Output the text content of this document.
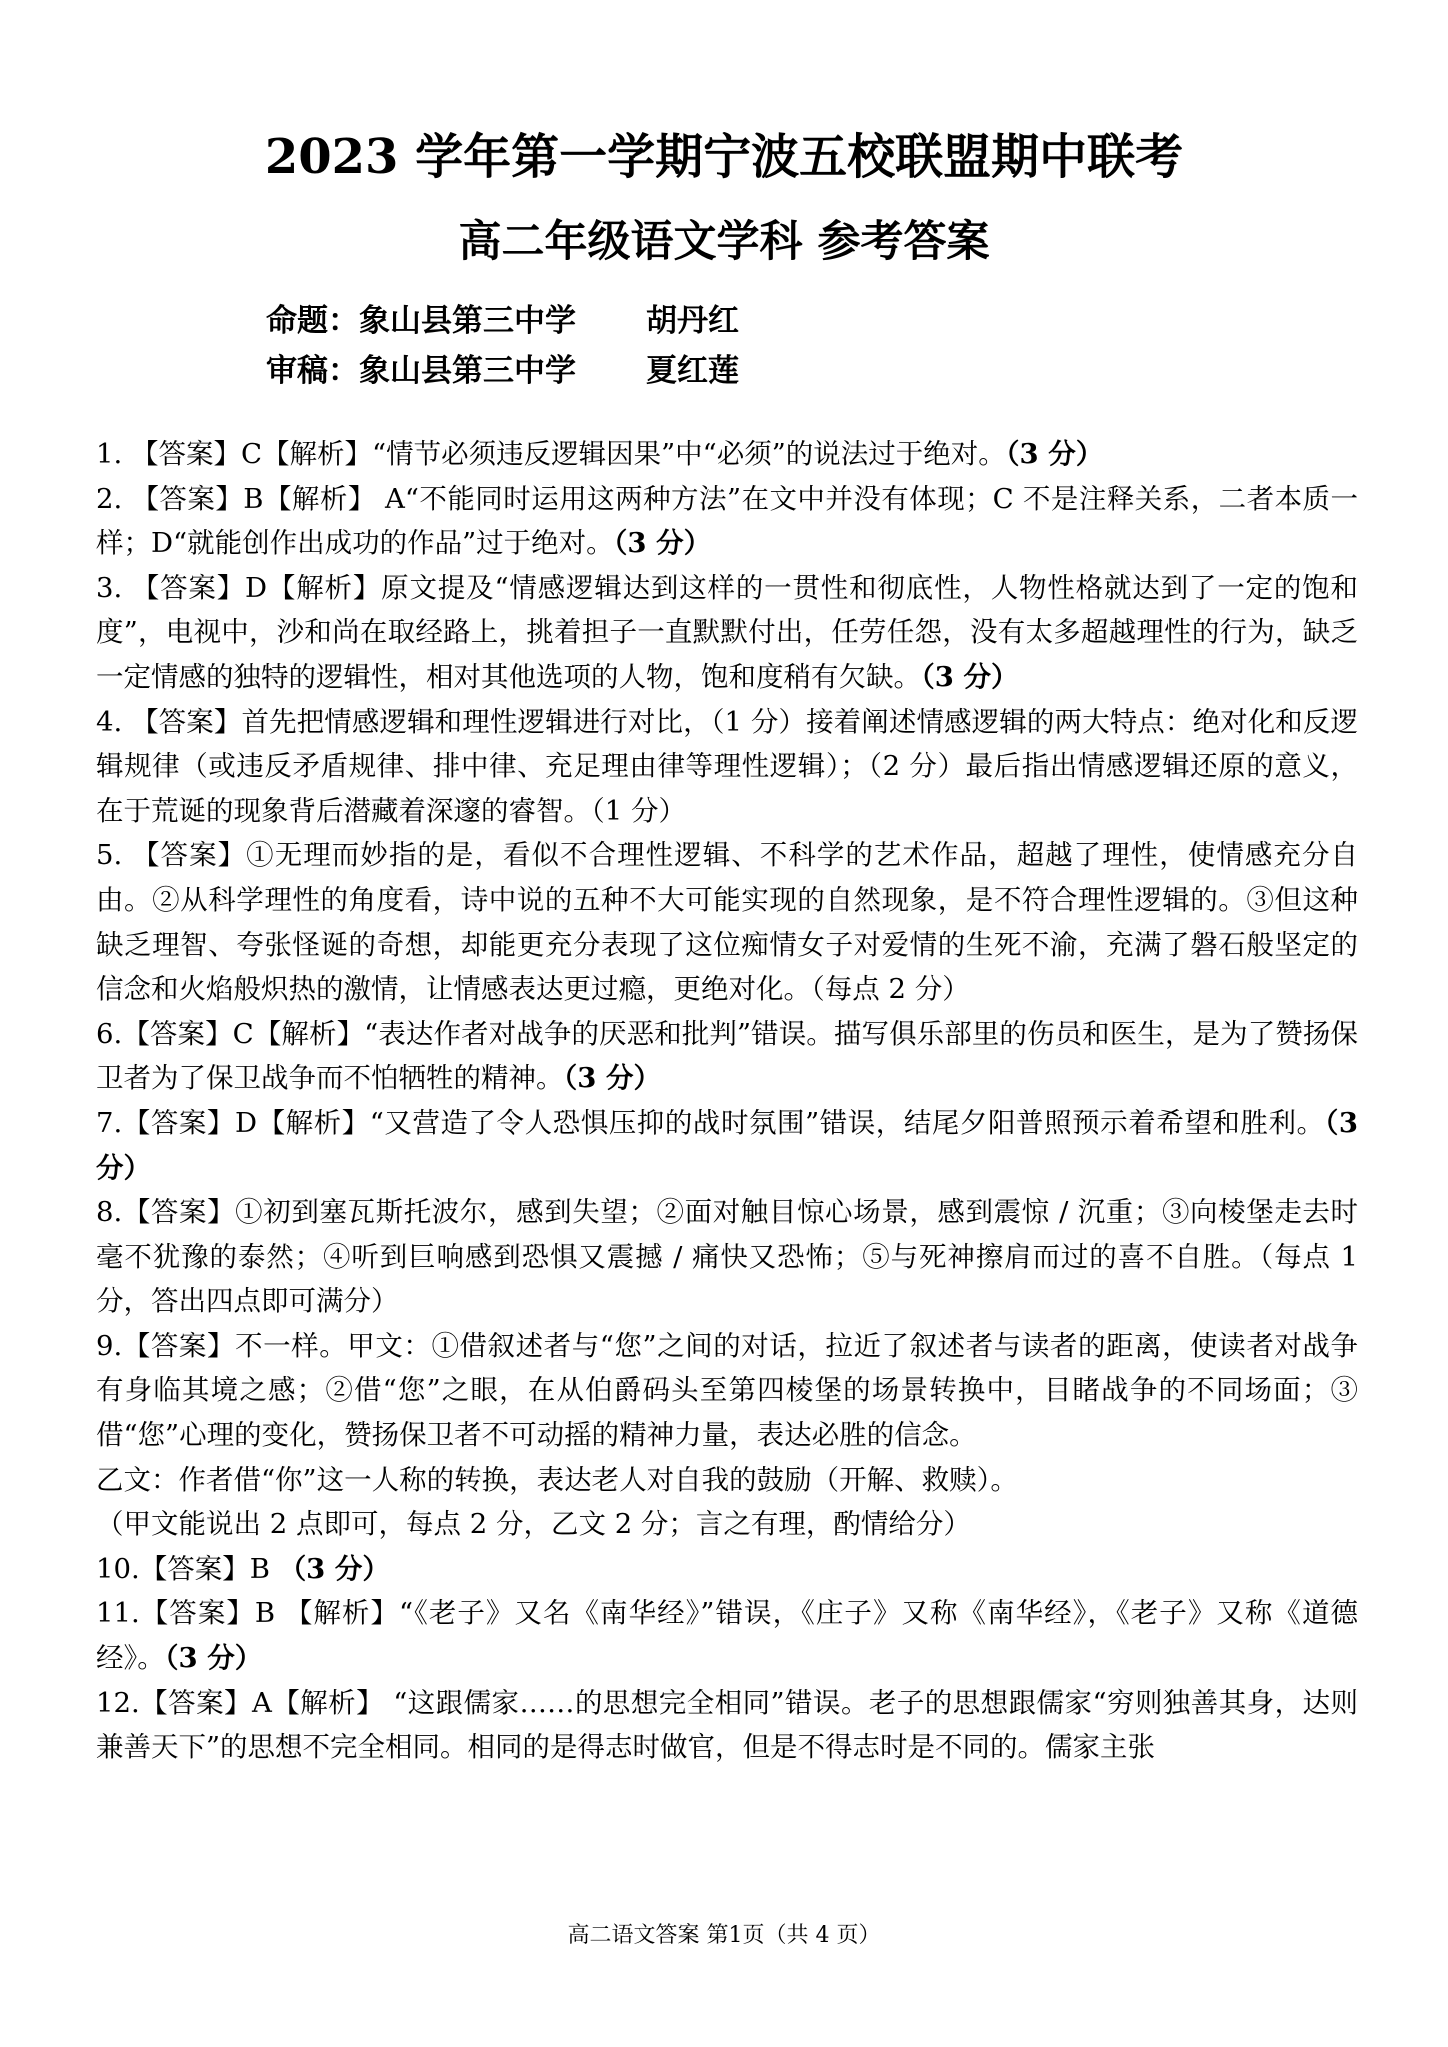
2023 学年第一学期宁波五校联盟期中联考
高二年级语文学科 参考答案
命题：象山县第三中学	胡丹红
审稿：象山县第三中学	夏红莲

1. 【答案】C【解析】“情节必须违反逻辑因果”中“必须”的说法过于绝对。（3 分）

2. 【答案】B【解析】 A“不能同时运用这两种方法”在文中并没有体现；C 不是注释关系，二者本质一样；D“就能创作出成功的作品”过于绝对。（3 分）

3. 【答案】D【解析】原文提及“情感逻辑达到这样的一贯性和彻底性，人物性格就达到了一定的饱和度”，电视中，沙和尚在取经路上，挑着担子一直默默付出，任劳任怨，没有太多超越理性的行为，缺乏一定情感的独特的逻辑性，相对其他选项的人物，饱和度稍有欠缺。（3 分）

4. 【答案】首先把情感逻辑和理性逻辑进行对比，（1 分）接着阐述情感逻辑的两大特点：绝对化和反逻辑规律（或违反矛盾规律、排中律、充足理由律等理性逻辑）；（2 分）最后指出情感逻辑还原的意义，在于荒诞的现象背后潜藏着深邃的睿智。（1 分）

5. 【答案】①无理而妙指的是，看似不合理性逻辑、不科学的艺术作品，超越了理性，使情感充分自由。②从科学理性的角度看，诗中说的五种不大可能实现的自然现象，是不符合理性逻辑的。③但这种缺乏理智、夸张怪诞的奇想，却能更充分表现了这位痴情女子对爱情的生死不渝，充满了磐石般坚定的信念和火焰般炽热的激情，让情感表达更过瘾，更绝对化。（每点 2 分）

6.【答案】C【解析】“表达作者对战争的厌恶和批判”错误。描写俱乐部里的伤员和医生，是为了赞扬保卫者为了保卫战争而不怕牺牲的精神。（3 分）

7.【答案】D【解析】“又营造了令人恐惧压抑的战时氛围”错误，结尾夕阳普照预示着希望和胜利。（3 分）

8.【答案】①初到塞瓦斯托波尔，感到失望；②面对触目惊心场景，感到震惊 / 沉重；③向棱堡走去时毫不犹豫的泰然；④听到巨响感到恐惧又震撼 / 痛快又恐怖；⑤与死神擦肩而过的喜不自胜。（每点 1 分，答出四点即可满分）

9.【答案】不一样。甲文：①借叙述者与“您”之间的对话，拉近了叙述者与读者的距离，使读者对战争有身临其境之感；②借“您”之眼，在从伯爵码头至第四棱堡的场景转换中，目睹战争的不同场面；③借“您”心理的变化，赞扬保卫者不可动摇的精神力量，表达必胜的信念。

乙文：作者借“你”这一人称的转换，表达老人对自我的鼓励（开解、救赎）。

（甲文能说出 2 点即可，每点 2 分，乙文 2 分；言之有理，酌情给分）

10.【答案】B （3 分）

11.【答案】B 【解析】“《老子》又名《南华经》”错误，《庄子》又称《南华经》，《老子》又称《道德经》。（3 分）

12.【答案】A【解析】 “这跟儒家……的思想完全相同”错误。老子的思想跟儒家“穷则独善其身，达则兼善天下”的思想不完全相同。相同的是得志时做官，但是不得志时是不同的。儒家主张

高二语文答案 第1页（共 4 页）
